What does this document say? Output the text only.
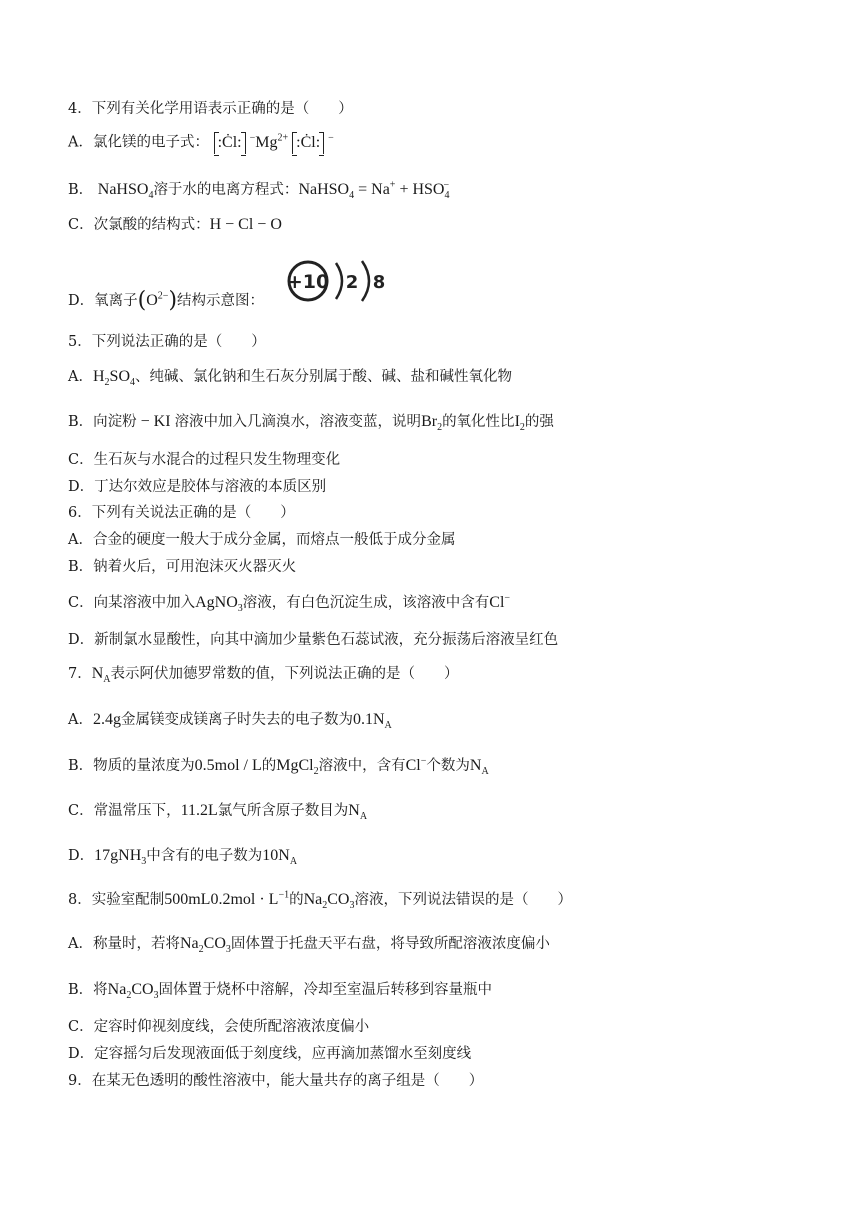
4．下列有关化学用语表示正确的是（　　）
A．氯化镁的电子式： :Ċl: $^-Mg^{2+}$ :Ċl: −
B． NaHSO$_4$溶于水的电离方程式：NaHSO$_4$ = $Na^+ + HSO_4^-$
C．次氯酸的结构式：H − Cl − O
D．氧离子$(O^{2-})$结构示意图：
+10 2 8
5．下列说法正确的是（　　）
A．$H_2SO_4$、纯碱、氯化钠和生石灰分别属于酸、碱、盐和碱性氧化物
B．向淀粉 − KI 溶液中加入几滴溴水，溶液变蓝，说明$Br_2$的氧化性比$I_2$的强
C．生石灰与水混合的过程只发生物理变化
D．丁达尔效应是胶体与溶液的本质区别
6．下列有关说法正确的是（　　）
A．合金的硬度一般大于成分金属，而熔点一般低于成分金属
B．钠着火后，可用泡沫灭火器灭火
C．向某溶液中加入AgNO$_3$溶液，有白色沉淀生成，该溶液中含有Cl−
D．新制氯水显酸性，向其中滴加少量紫色石蕊试液，充分振荡后溶液呈红色
7．$N_A$表示阿伏加德罗常数的值，下列说法正确的是（　　）
A．2.4g金属镁变成镁离子时失去的电子数为$0.1N_A$
B．物质的量浓度为0.5mol / L的MgCl$_2$溶液中，含有Cl−个数为$N_A$
C．常温常压下，11.2L氯气所含原子数目为$N_A$
D．17gNH$_3$中含有的电子数为$10N_A$
8．实验室配制$500mL0.2mol \cdot L^{-1}$的$Na_2CO_3$溶液，下列说法错误的是（　　）
A．称量时，若将$Na_2CO_3$固体置于托盘天平右盘，将导致所配溶液浓度偏小
B．将$Na_2CO_3$固体置于烧杯中溶解，冷却至室温后转移到容量瓶中
C．定容时仰视刻度线，会使所配溶液浓度偏小
D．定容摇匀后发现液面低于刻度线，应再滴加蒸馏水至刻度线
9．在某无色透明的酸性溶液中，能大量共存的离子组是（　　）
